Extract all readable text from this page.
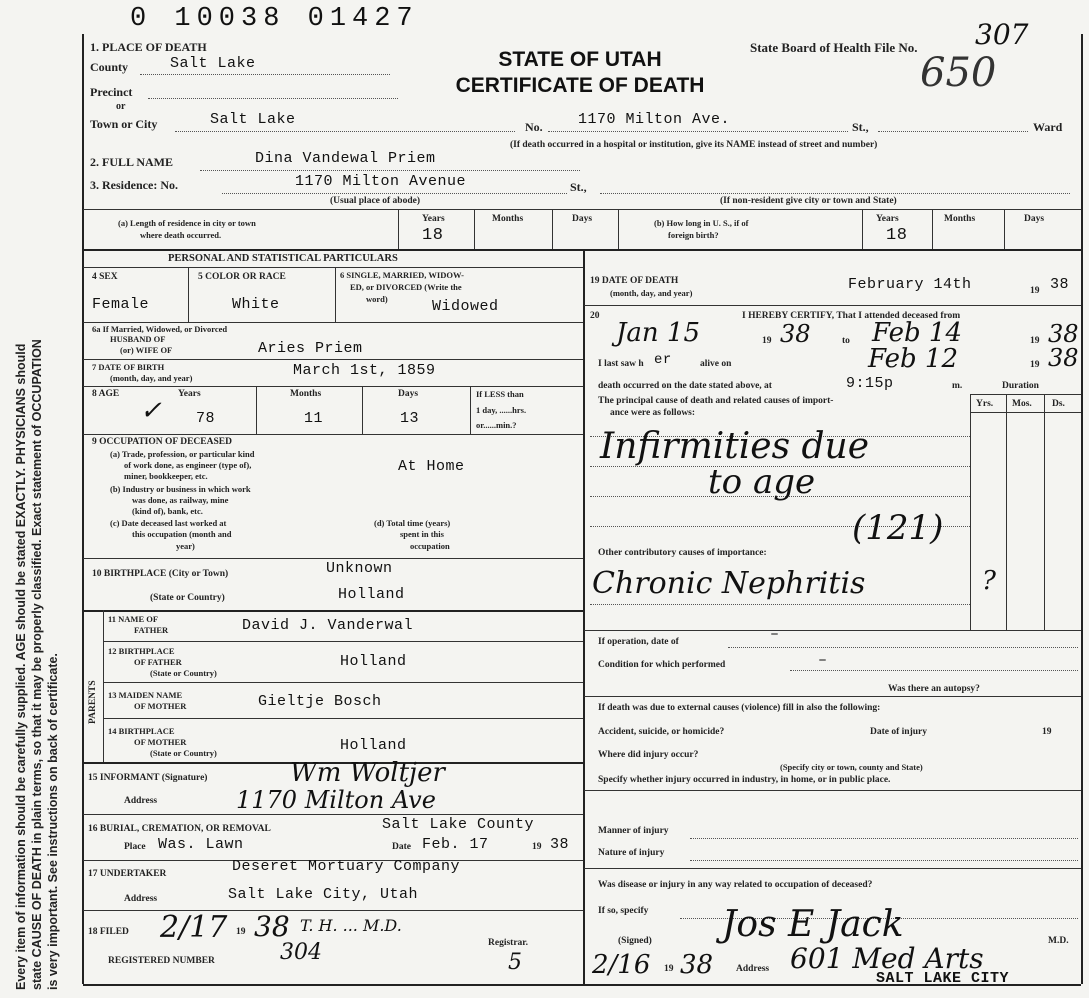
Every item of information should be carefully supplied. AGE should be stated EXACTLY. PHYSICIANS should state CAUSE OF DEATH in plain terms, so that it may be properly classified. Exact statement of OCCUPATION is very important. See instructions on back of certificate.
0 10038 01427
State Board of Health File No. 307
650
STATE OF UTAH
CERTIFICATE OF DEATH
1. PLACE OF DEATH
County	Salt Lake
Precinct
or
Town or City	Salt Lake	No. 1170 Milton Ave.	St.,	Ward
(If death occurred in a hospital or institution, give its NAME instead of street and number)
2. FULL NAME	Dina Vandewal Priem
3. Residence: No.	1170 Milton Avenue	St.,
(Usual place of abode)	(If non-resident give city or town and State)
(a) Length of residence in city or town
where death occurred.
Years	Months	Days
18
(b) How long in U. S., if of
foreign birth?
Years	Months	Days
18
PERSONAL AND STATISTICAL PARTICULARS
4 SEX
Female
5 COLOR OR RACE
White
6 SINGLE, MARRIED, WIDOW-
ED, or DIVORCED (Write the
word)	Widowed
6a If Married, Widowed, or Divorced
HUSBAND OF
(or) WIFE OF	Aries Priem
7 DATE OF BIRTH
(month, day, and year)	March 1st, 1859
8 AGE
✓
Years	Months	Days
78	11	13
If LESS than
1 day, ......hrs.
or......min.?
9 OCCUPATION OF DECEASED
(a) Trade, profession, or particular kind
of work done, as engineer (type of),
miner, bookkeeper, etc.
At Home
(b) Industry or business in which work
was done, as railway, mine
(kind of), bank, etc.
(c) Date deceased last worked at
this occupation (month and
year)
(d) Total time (years)
spent in this
occupation
10 BIRTHPLACE (City or Town)	Unknown
(State or Country)	Holland
PARENTS
11 NAME OF
FATHER	David J. Vanderwal
12 BIRTHPLACE
OF FATHER
(State or Country)
Holland
13 MAIDEN NAME
OF MOTHER	Gieltje Bosch
14 BIRTHPLACE
OF MOTHER
(State or Country)	Holland
15 INFORMANT (Signature)	Wm Woltjer
Address	1170 Milton Ave
16 BURIAL, CREMATION, OR REMOVAL	Salt Lake County
Place Was. Lawn	Date Feb. 17	19 38
17 UNDERTAKER	Deseret Mortuary Company
Address	Salt Lake City, Utah
18 FILED 2/17 19 38 T. H. ... M.D.
Registrar.
REGISTERED NUMBER	304	5
19 DATE OF DEATH
(month, day, and year)	February 14th	19 38
20	I HEREBY CERTIFY, That I attended deceased from
Jan 15	19 38	to Feb 14	19 38
I last saw h er	alive on	Feb 12	19 38
death occurred on the date stated above, at	9:15p	m.	Duration
The principal cause of death and related causes of import-
ance were as follows:
Yrs. Mos. Ds.
Infirmities due
to age
(121)
Other contributory causes of importance:
Chronic Nephritis	?
If operation, date of	–
Condition for which performed	–
Was there an autopsy?
If death was due to external causes (violence) fill in also the following:
Accident, suicide, or homicide?	Date of injury	19
Where did injury occur?
(Specify city or town, county and State)
Specify whether injury occurred in industry, in home, or in public place.
Manner of injury
Nature of injury
Was disease or injury in any way related to occupation of deceased?
If so, specify
(Signed) Jos E Jack	M.D.
2/16 19 38 Address 601 Med Arts
SALT LAKE CITY
